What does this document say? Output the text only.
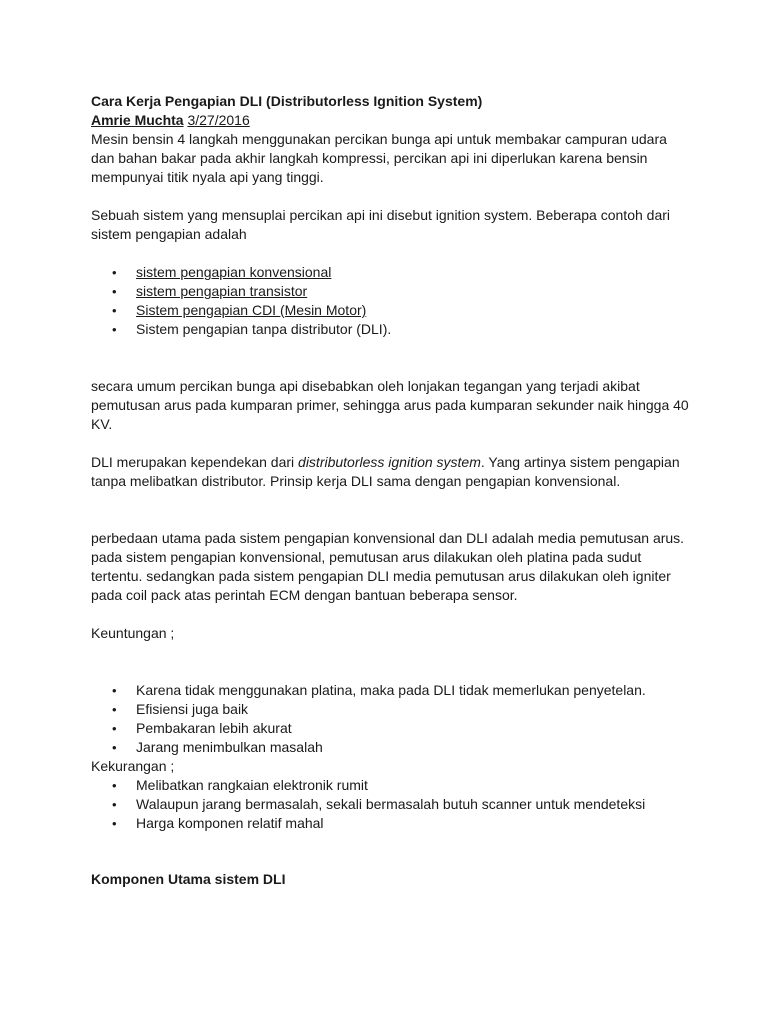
Cara Kerja Pengapian DLI (Distributorless Ignition System)

Amrie Muchta 3/27/2016

Mesin bensin 4 langkah menggunakan percikan bunga api untuk membakar campuran udara dan bahan bakar pada akhir langkah kompressi, percikan api ini diperlukan karena bensin mempunyai titik nyala api yang tinggi.

Sebuah sistem yang mensuplai percikan api ini disebut ignition system. Beberapa contoh dari sistem pengapian adalah

• sistem pengapian konvensional
• sistem pengapian transistor
• Sistem pengapian CDI (Mesin Motor)
• Sistem pengapian tanpa distributor (DLI).

secara umum percikan bunga api disebabkan oleh lonjakan tegangan yang terjadi akibat pemutusan arus pada kumparan primer, sehingga arus pada kumparan sekunder naik hingga 40 KV.

DLI merupakan kependekan dari distributorless ignition system. Yang artinya sistem pengapian tanpa melibatkan distributor. Prinsip kerja DLI sama dengan pengapian konvensional.

perbedaan utama pada sistem pengapian konvensional dan DLI adalah media pemutusan arus. pada sistem pengapian konvensional, pemutusan arus dilakukan oleh platina pada sudut tertentu. sedangkan pada sistem pengapian DLI media pemutusan arus dilakukan oleh igniter pada coil pack atas perintah ECM dengan bantuan beberapa sensor.

Keuntungan ;

• Karena tidak menggunakan platina, maka pada DLI tidak memerlukan penyetelan.
• Efisiensi juga baik
• Pembakaran lebih akurat
• Jarang menimbulkan masalah

Kekurangan ;

• Melibatkan rangkaian elektronik rumit
• Walaupun jarang bermasalah, sekali bermasalah butuh scanner untuk mendeteksi
• Harga komponen relatif mahal

Komponen Utama sistem DLI
